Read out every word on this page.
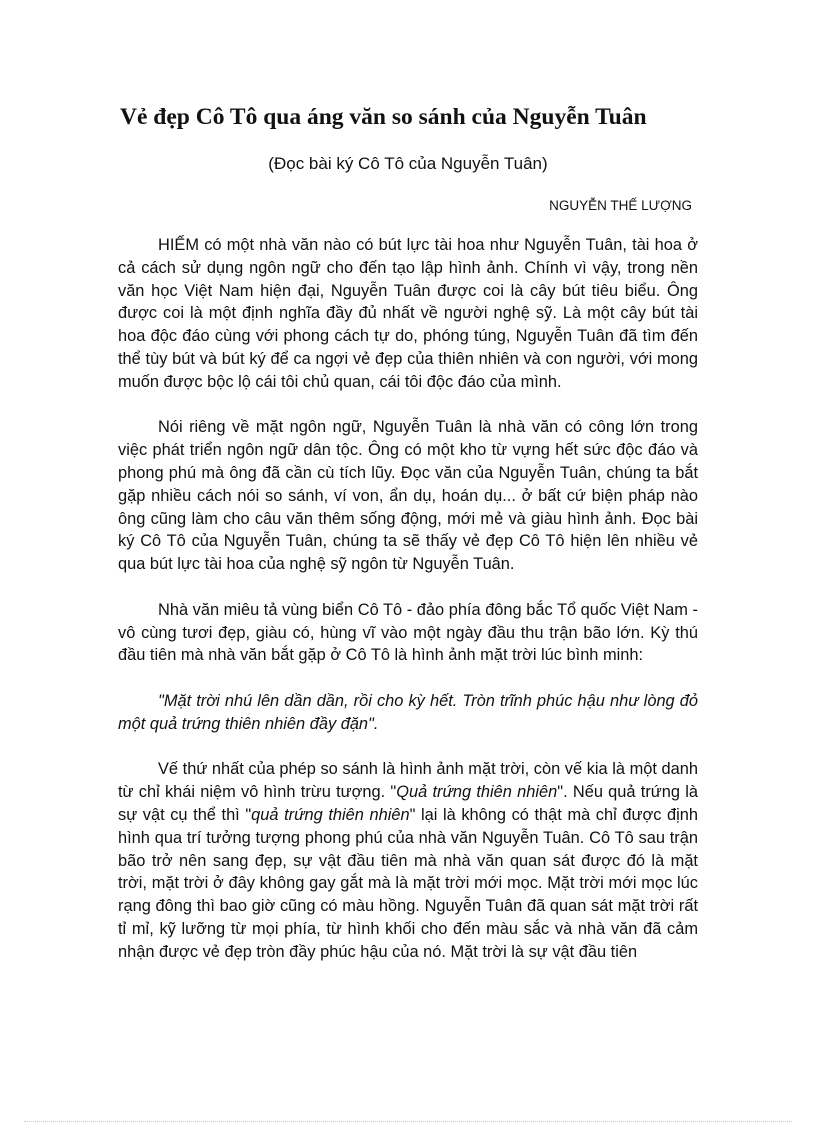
Vẻ đẹp Cô Tô qua áng văn so sánh của Nguyễn Tuân
(Đọc bài ký Cô Tô của Nguyễn Tuân)
NGUYỄN THẾ LƯỢNG

HIẾM có một nhà văn nào có bút lực tài hoa như Nguyễn Tuân, tài hoa ở cả cách sử dụng ngôn ngữ cho đến tạo lập hình ảnh. Chính vì vậy, trong nền văn học Việt Nam hiện đại, Nguyễn Tuân được coi là cây bút tiêu biểu. Ông được coi là một định nghĩa đầy đủ nhất về người nghệ sỹ. Là một cây bút tài hoa độc đáo cùng với phong cách tự do, phóng túng, Nguyễn Tuân đã tìm đến thể tùy bút và bút ký để ca ngợi vẻ đẹp của thiên nhiên và con người, với mong muốn được bộc lộ cái tôi chủ quan, cái tôi độc đáo của mình.

Nói riêng về mặt ngôn ngữ, Nguyễn Tuân là nhà văn có công lớn trong việc phát triển ngôn ngữ dân tộc. Ông có một kho từ vựng hết sức độc đáo và phong phú mà ông đã cần cù tích lũy. Đọc văn của Nguyễn Tuân, chúng ta bắt gặp nhiều cách nói so sánh, ví von, ẩn dụ, hoán dụ... ở bất cứ biện pháp nào ông cũng làm cho câu văn thêm sống động, mới mẻ và giàu hình ảnh. Đọc bài ký Cô Tô của Nguyễn Tuân, chúng ta sẽ thấy vẻ đẹp Cô Tô hiện lên nhiều vẻ qua bút lực tài hoa của nghệ sỹ ngôn từ Nguyễn Tuân.

Nhà văn miêu tả vùng biển Cô Tô - đảo phía đông bắc Tổ quốc Việt Nam - vô cùng tươi đẹp, giàu có, hùng vĩ vào một ngày đầu thu trận bão lớn. Kỳ thú đầu tiên mà nhà văn bắt gặp ở Cô Tô là hình ảnh mặt trời lúc bình minh:

"Mặt trời nhú lên dần dần, rồi cho kỳ hết. Tròn trĩnh phúc hậu như lòng đỏ một quả trứng thiên nhiên đầy đặn".

Vế thứ nhất của phép so sánh là hình ảnh mặt trời, còn vế kia là một danh từ chỉ khái niệm vô hình trừu tượng. "Quả trứng thiên nhiên". Nếu quả trứng là sự vật cụ thể thì "quả trứng thiên nhiên" lại là không có thật mà chỉ được định hình qua trí tưởng tượng phong phú của nhà văn Nguyễn Tuân. Cô Tô sau trận bão trở nên sang đẹp, sự vật đầu tiên mà nhà văn quan sát được đó là mặt trời, mặt trời ở đây không gay gắt mà là mặt trời mới mọc. Mặt trời mới mọc lúc rạng đông thì bao giờ cũng có màu hồng. Nguyễn Tuân đã quan sát mặt trời rất tỉ mỉ, kỹ lưỡng từ mọi phía, từ hình khối cho đến màu sắc và nhà văn đã cảm nhận được vẻ đẹp tròn đầy phúc hậu của nó. Mặt trời là sự vật đầu tiên
